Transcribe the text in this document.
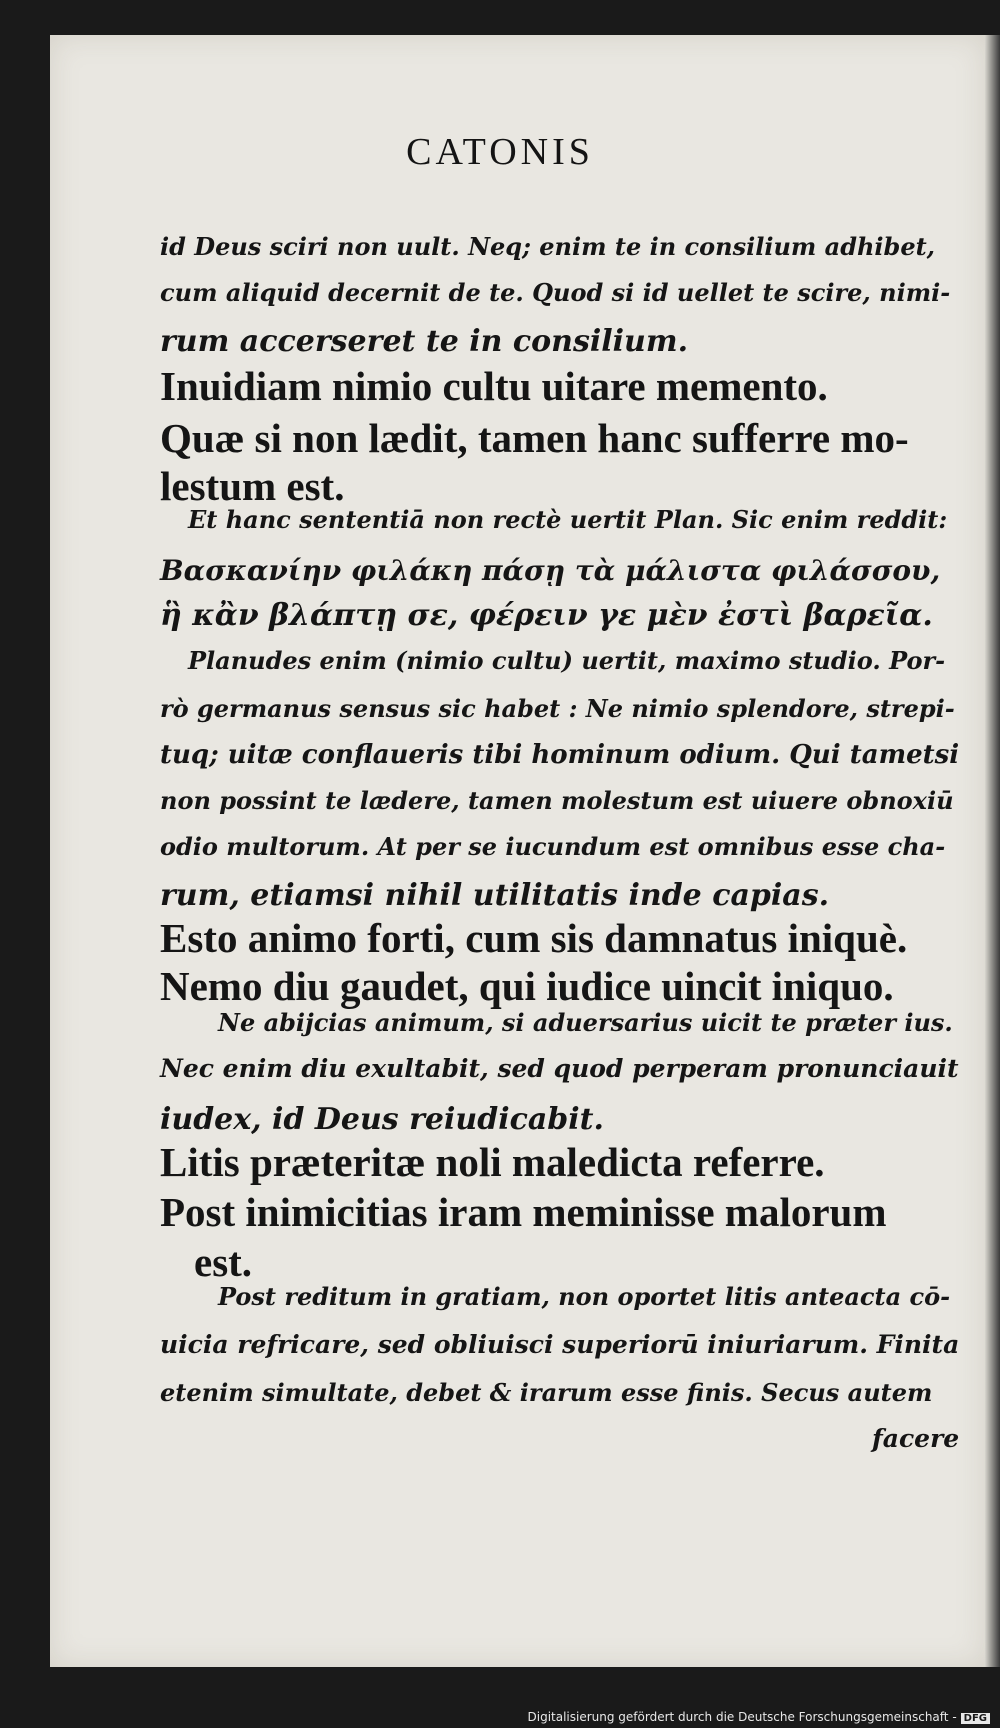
CATONIS
id Deus sciri non uult. Neq; enim te in consilium adhibet,
cum aliquid decernit de te. Quod si id uellet te scire, nimi-
rum accerseret te in consilium.
Inuidiam nimio cultu uitare memento.
Quæ si non lædit, tamen hanc sufferre mo-
lestum est.
Et hanc sententiā non rectè uertit Plan. Sic enim reddit:
Βασκανίην φιλάκη πάσῃ τὰ μάλιστα φιλάσσου,
ἣ κἂν βλάπτῃ σε, φέρειν γε μὲν ἐστὶ βαρεῖα.
Planudes enim (nimio cultu) uertit, maximo studio. Por-
rò germanus sensus sic habet : Ne nimio splendore, strepi-
tuq; uitæ conflaueris tibi hominum odium. Qui tametsi
non possint te lædere, tamen molestum est uiuere obnoxiū
odio multorum. At per se iucundum est omnibus esse cha-
rum, etiamsi nihil utilitatis inde capias.
Esto animo forti, cum sis damnatus iniquè.
Nemo diu gaudet, qui iudice uincit iniquo.
Ne abijcias animum, si aduersarius uicit te præter ius.
Nec enim diu exultabit, sed quod perperam pronunciauit
iudex, id Deus reiudicabit.
Litis præteritæ noli maledicta referre.
Post inimicitias iram meminisse malorum
est.
Post reditum in gratiam, non oportet litis anteacta cō-
uicia refricare, sed obliuisci superiorū iniuriarum. Finita
etenim simultate, debet & irarum esse finis. Secus autem
facere
Digitalisierung gefördert durch die Deutsche Forschungsgemeinschaft - DFG
